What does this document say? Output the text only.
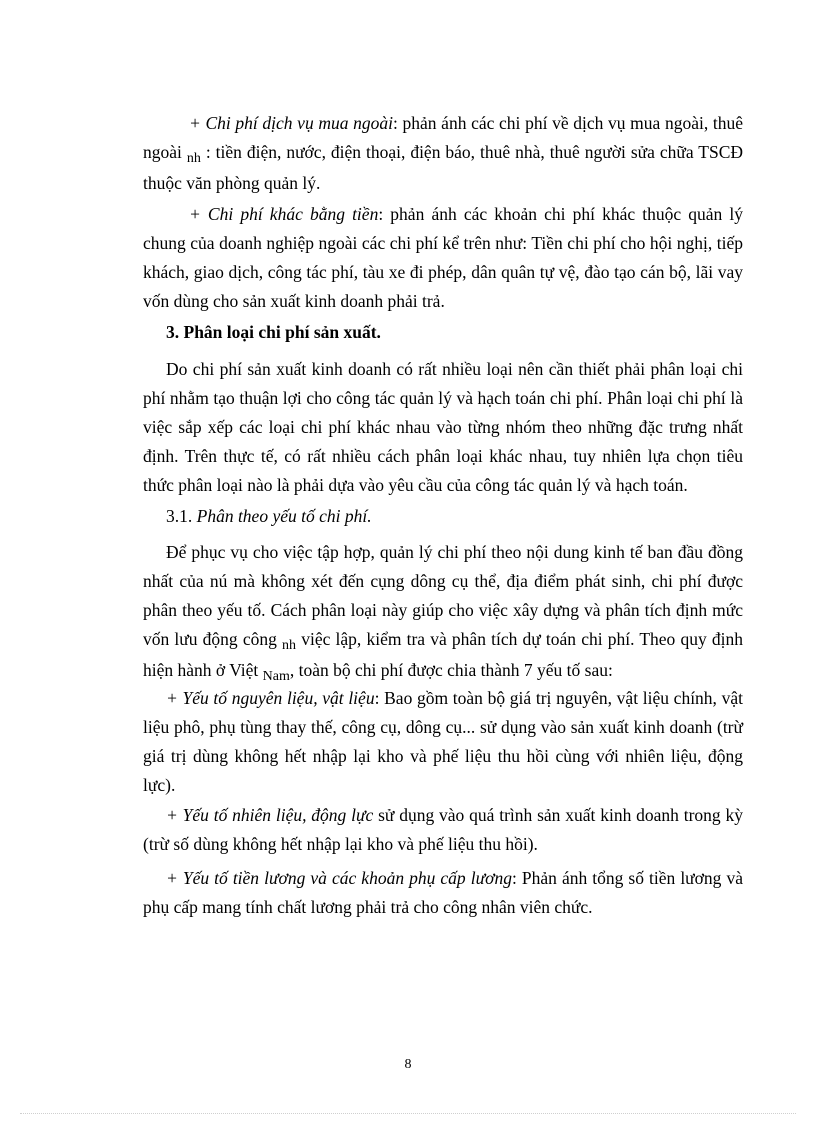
+ Chi phí dịch vụ mua ngoài: phản ánh các chi phí về dịch vụ mua ngoài, thuê ngoài $_{nh}$ : tiền điện, nước, điện thoại, điện báo, thuê nhà, thuê người sửa chữa TSCĐ thuộc văn phòng quản lý.

+ Chi phí khác bằng tiền: phản ánh các khoản chi phí khác thuộc quản lý chung của doanh nghiệp ngoài các chi phí kể trên như: Tiền chi phí cho hội nghị, tiếp khách, giao dịch, công tác phí, tàu xe đi phép, dân quân tự vệ, đào tạo cán bộ, lãi vay vốn dùng cho sản xuất kinh doanh phải trả.

3. Phân loại chi phí sản xuất.

Do chi phí sản xuất kinh doanh có rất nhiều loại nên cần thiết phải phân loại chi phí nhằm tạo thuận lợi cho công tác quản lý và hạch toán chi phí. Phân loại chi phí là việc sắp xếp các loại chi phí khác nhau vào từng nhóm theo những đặc trưng nhất định. Trên thực tế, có rất nhiều cách phân loại khác nhau, tuy nhiên lựa chọn tiêu thức phân loại nào là phải dựa vào yêu cầu của công tác quản lý và hạch toán.

3.1. Phân theo yếu tố chi phí.

Để phục vụ cho việc tập hợp, quản lý chi phí theo nội dung kinh tế ban đầu đồng nhất của nú mà không xét đến cụng dông cụ thể, địa điểm phát sinh, chi phí được phân theo yếu tố. Cách phân loại này giúp cho việc xây dựng và phân tích định mức vốn lưu động công $_{nh}$ việc lập, kiểm tra và phân tích dự toán chi phí. Theo quy định hiện hành ở Việt $_{Nam}$, toàn bộ chi phí được chia thành 7 yếu tố sau:

+ Yếu tố nguyên liệu, vật liệu: Bao gồm toàn bộ giá trị nguyên, vật liệu chính, vật liệu phô, phụ tùng thay thế, công cụ, dông cụ... sử dụng vào sản xuất kinh doanh (trừ giá trị dùng không hết nhập lại kho và phế liệu thu hồi cùng với nhiên liệu, động lực).

+ Yếu tố nhiên liệu, động lực sử dụng vào quá trình sản xuất kinh doanh trong kỳ (trừ số dùng không hết nhập lại kho và phế liệu thu hồi).

+ Yếu tố tiền lương và các khoản phụ cấp lương: Phản ánh tổng số tiền lương và phụ cấp mang tính chất lương phải trả cho công nhân viên chức.

8
